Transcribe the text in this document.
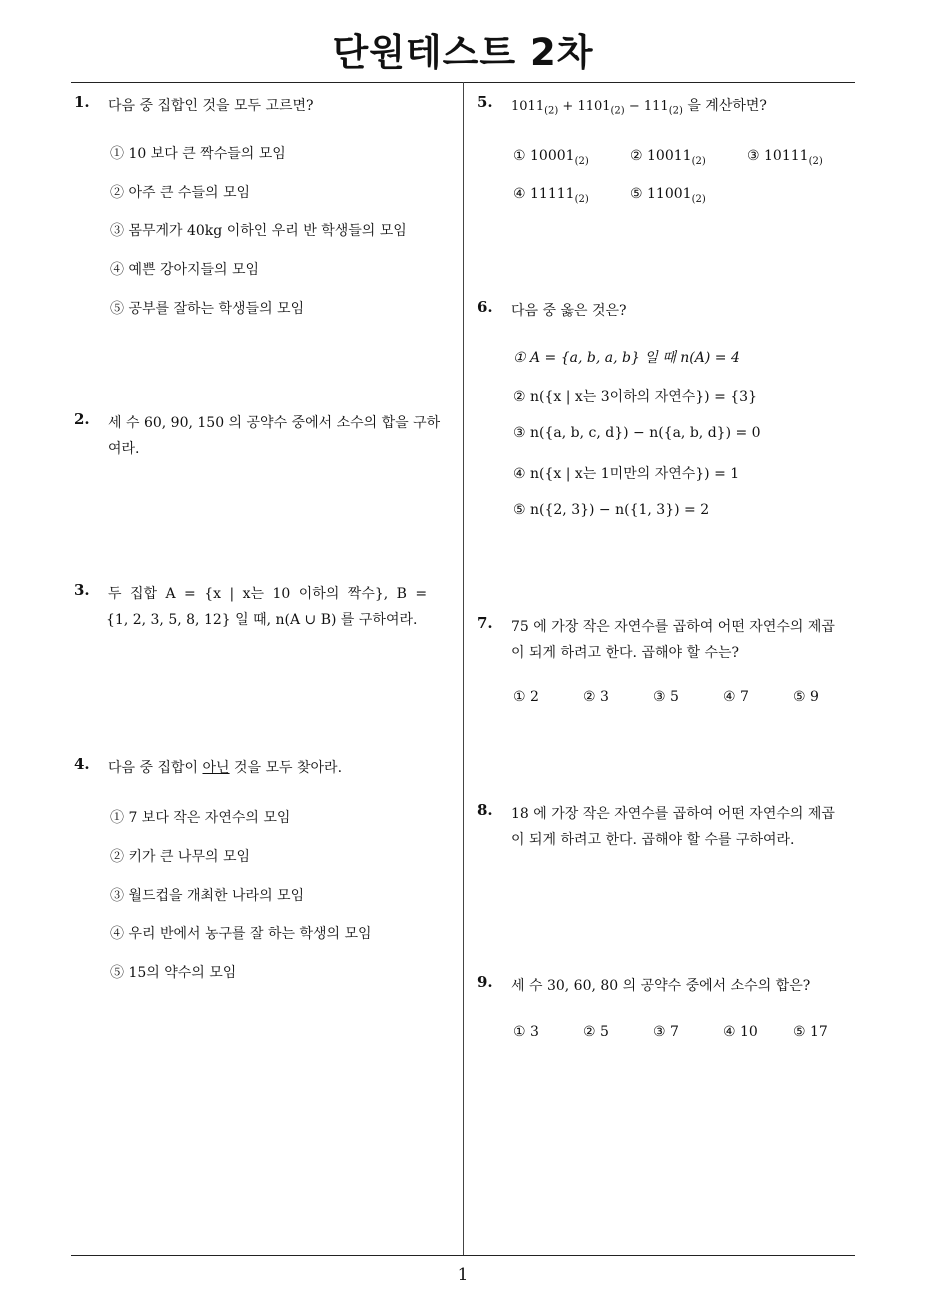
단원테스트 2차
1. 다음 중 집합인 것을 모두 고르면?
① 10 보다 큰 짝수들의 모임
② 아주 큰 수들의 모임
③ 몸무게가 40kg 이하인 우리 반 학생들의 모임
④ 예쁜 강아지들의 모임
⑤ 공부를 잘하는 학생들의 모임
2. 세 수 60, 90, 150 의 공약수 중에서 소수의 합을 구하
여라.
3. 두 집합 A = {x | x는 10 이하의 짝수}, B =
{1, 2, 3, 5, 8, 12} 일 때, n(A ∪ B) 를 구하여라.
4. 다음 중 집합이 아닌 것을 모두 찾아라.
① 7 보다 작은 자연수의 모임
② 키가 큰 나무의 모임
③ 월드컵을 개최한 나라의 모임
④ 우리 반에서 농구를 잘 하는 학생의 모임
⑤ 15의 약수의 모임
5. $1011_{(2)} + 1101_{(2)} - 111_{(2)}$ 을 계산하면?
① $10001_{(2)}$	② $10011_{(2)}$	③ $10111_{(2)}$
④ $11111_{(2)}$	⑤ $11001_{(2)}$
6. 다음 중 옳은 것은?
① A = {a, b, a, b} 일 때 n(A) = 4
② n({x | x는 3이하의 자연수}) = {3}
③ n({a, b, c, d}) − n({a, b, d}) = 0
④ n({x | x는 1미만의 자연수}) = 1
⑤ n({2, 3}) − n({1, 3}) = 2
7. 75 에 가장 작은 자연수를 곱하여 어떤 자연수의 제곱
이 되게 하려고 한다. 곱해야 할 수는?
① 2	② 3	③ 5	④ 7	⑤ 9
8. 18 에 가장 작은 자연수를 곱하여 어떤 자연수의 제곱
이 되게 하려고 한다. 곱해야 할 수를 구하여라.
9. 세 수 30, 60, 80 의 공약수 중에서 소수의 합은?
① 3	② 5	③ 7	④ 10	⑤ 17
1
